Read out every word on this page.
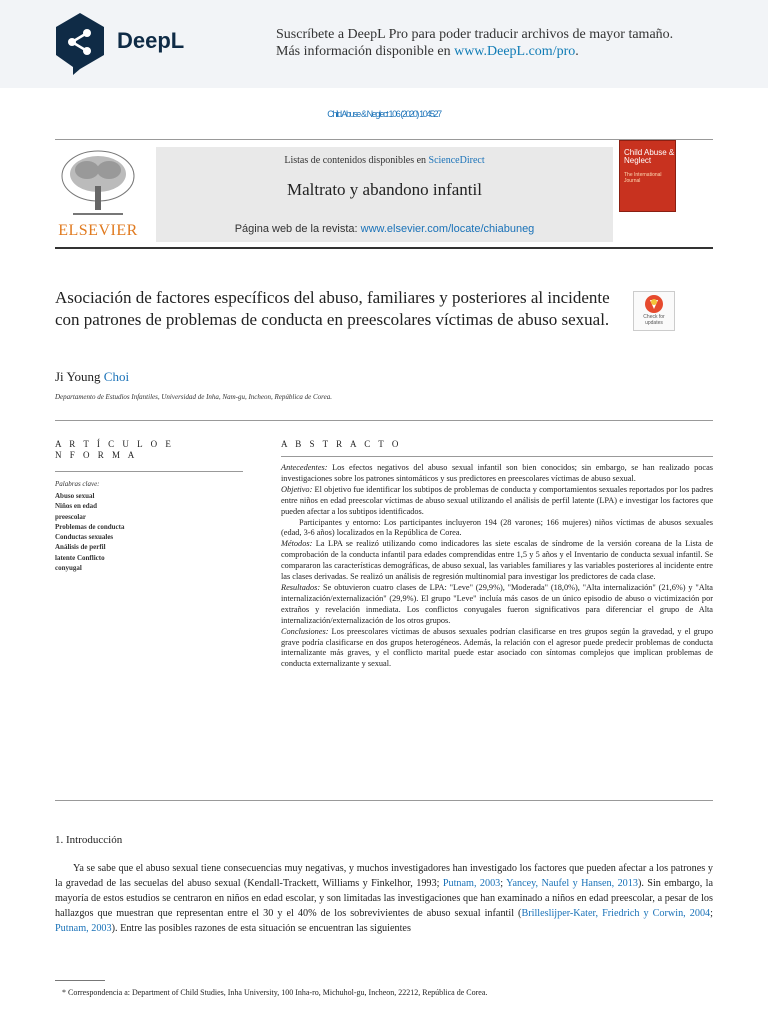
DeepL	Suscríbete a DeepL Pro para poder traducir archivos de mayor tamaño.
Más información disponible en www.DeepL.com/pro.
Child Abuse & Neglect 106 (2020) 104527
ELSEVIER
Listas de contenidos disponibles en ScienceDirect
Maltrato y abandono infantil
Página web de la revista: www.elsevier.com/locate/chiabuneg
Child Abuse & Neglect
The International Journal
Asociación de factores específicos del abuso, familiares y posteriores al incidente con patrones de problemas de conducta en preescolares víctimas de abuso sexual.	Check for updates
Ji Young Choi
Departamento de Estudios Infantiles, Universidad de Inha, Nam-gu, Incheon, República de Corea.
A R T Í C U L O E N F O R M A
Palabras clave:
Abuso sexual
Niños en edad
preescolar
Problemas de conducta
Conductas sexuales
Análisis de perfil
latente Conflicto
conyugal
A B S T R A C T O

Antecedentes: Los efectos negativos del abuso sexual infantil son bien conocidos; sin embargo, se han realizado pocas investigaciones sobre los patrones sintomáticos y sus predictores en preescolares víctimas de abuso sexual.

Objetivo: El objetivo fue identificar los subtipos de problemas de conducta y comportamientos sexuales reportados por los padres entre niños en edad preescolar víctimas de abuso sexual utilizando el análisis de perfil latente (LPA) e investigar los factores que pueden afectar a los subtipos identificados.

Participantes y entorno: Los participantes incluyeron 194 (28 varones; 166 mujeres) niños víctimas de abusos sexuales (edad, 3-6 años) localizados en la República de Corea.

Métodos: La LPA se realizó utilizando como indicadores las siete escalas de síndrome de la versión coreana de la Lista de comprobación de la conducta infantil para edades comprendidas entre 1,5 y 5 años y el Inventario de conducta sexual infantil. Se compararon las características demográficas, de abuso sexual, las variables familiares y las variables posteriores al incidente entre las clases derivadas. Se realizó un análisis de regresión multinomial para investigar los predictores de cada clase.

Resultados: Se obtuvieron cuatro clases de LPA: "Leve" (29,9%), "Moderada" (18,0%), "Alta internalización" (21,6%) y "Alta internalización/externalización" (29,9%). El grupo "Leve" incluía más casos de un único episodio de abuso o victimización por extraños y revelación inmediata. Los conflictos conyugales fueron significativos para diferenciar el grupo de Alta internalización/externalización de los otros grupos.

Conclusiones: Los preescolares víctimas de abusos sexuales podrían clasificarse en tres grupos según la gravedad, y el grupo grave podría clasificarse en dos grupos heterogéneos. Además, la relación con el agresor puede predecir problemas de conducta internalizante más graves, y el conflicto marital puede estar asociado con síntomas complejos que implican problemas de conducta externalizante y sexual.

1. Introducción

Ya se sabe que el abuso sexual tiene consecuencias muy negativas, y muchos investigadores han investigado los factores que pueden afectar a los patrones y la gravedad de las secuelas del abuso sexual (Kendall-Trackett, Williams y Finkelhor, 1993; Putnam, 2003; Yancey, Naufel y Hansen, 2013). Sin embargo, la mayoría de estos estudios se centraron en niños en edad escolar, y son limitadas las investigaciones que han examinado a niños en edad preescolar, a pesar de los hallazgos que muestran que representan entre el 30 y el 40% de los sobrevivientes de abuso sexual infantil (Brilleslijper-Kater, Friedrich y Corwin, 2004; Putnam, 2003). Entre las posibles razones de esta situación se encuentran las siguientes

* Correspondencia a: Department of Child Studies, Inha University, 100 Inha-ro, Michuhol-gu, Incheon, 22212, República de Corea.
